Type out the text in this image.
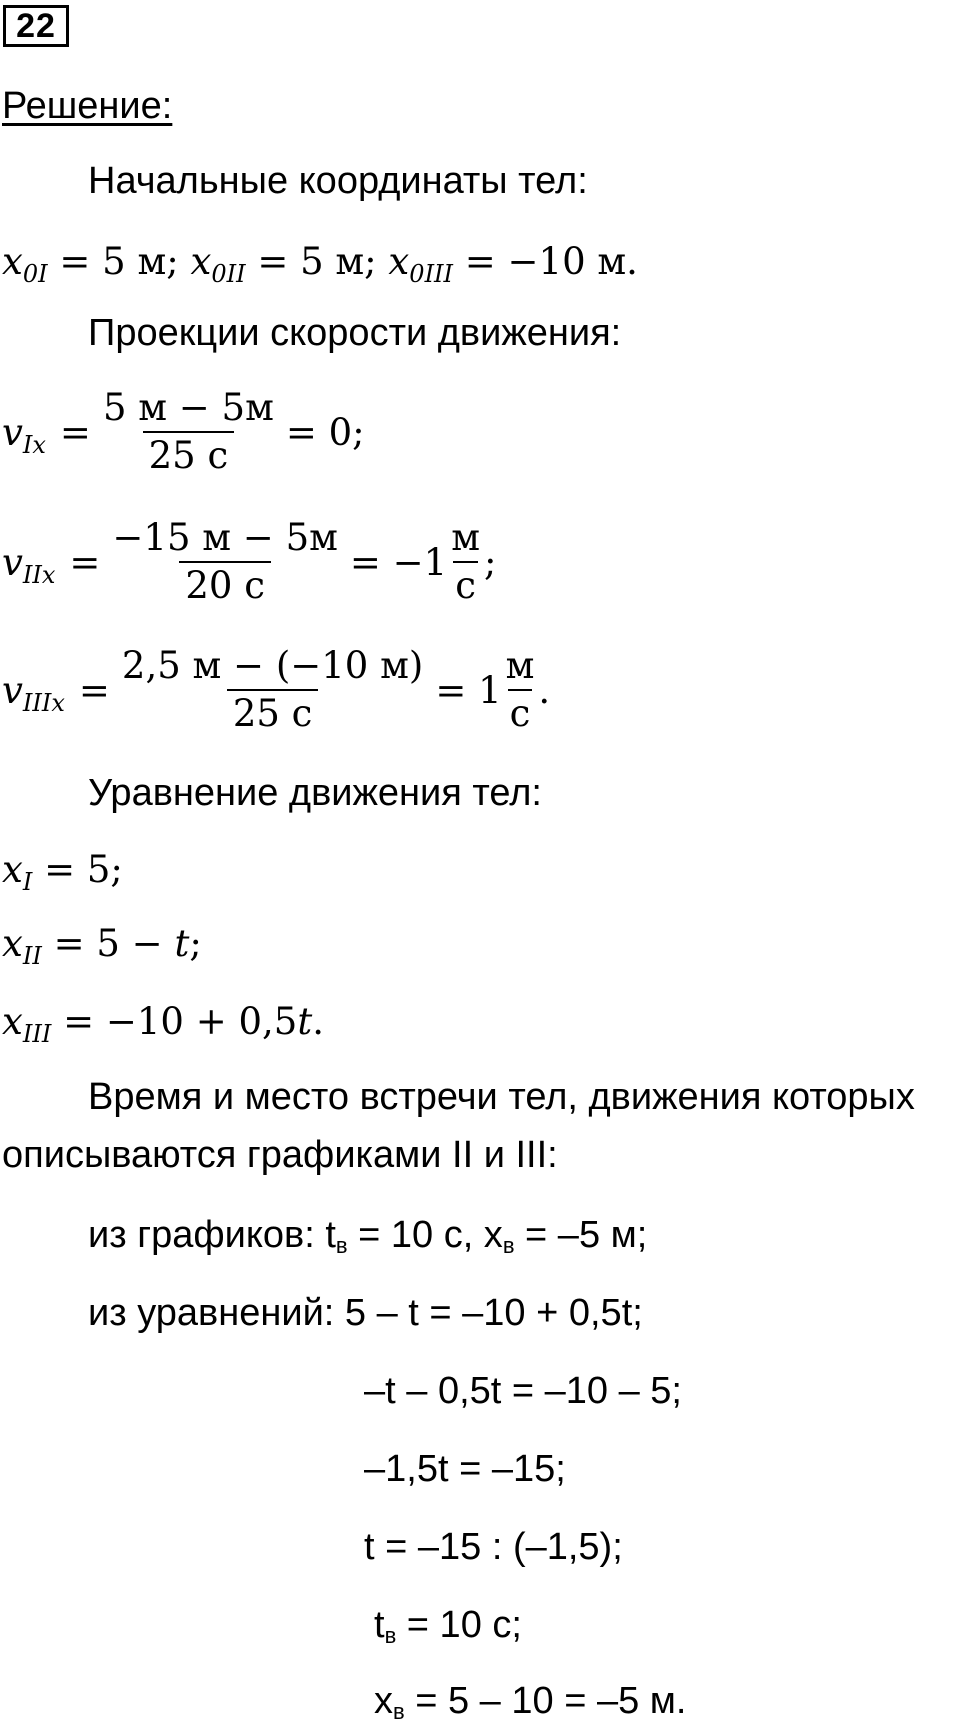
22
Решение:
Начальные координаты тел:
$x_{0I} = 5$ м; $x_{0II} = 5$ м; $x_{0III} = -10$ м.
Проекции скорости движения:
$v_{Ix} = \frac{5 м - 5м}{25 с} = 0$;
$v_{IIx} = \frac{-15 м - 5м}{20 с} = -1 \frac{м}{с}$ ;
$v_{IIIx} = \frac{2,5 м - (-10 м)}{25 с} = 1 \frac{м}{с}$ .
Уравнение движения тел:
$x_I = 5$;
$x_{II} = 5 - t$;
$x_{III} = -10 + 0,5t$.
Время и место встречи тел, движения которых
описываются графиками II и III:
из графиков: $t_в = 10$ с, $x_в = -5$ м;
из уравнений: 5 – t = –10 + 0,5t;
–t – 0,5t = –10 – 5;
–1,5t = –15;
t = –15 : (–1,5);
$t_в = 10$ с;
$x_в = 5 - 10 = -5$ м.
